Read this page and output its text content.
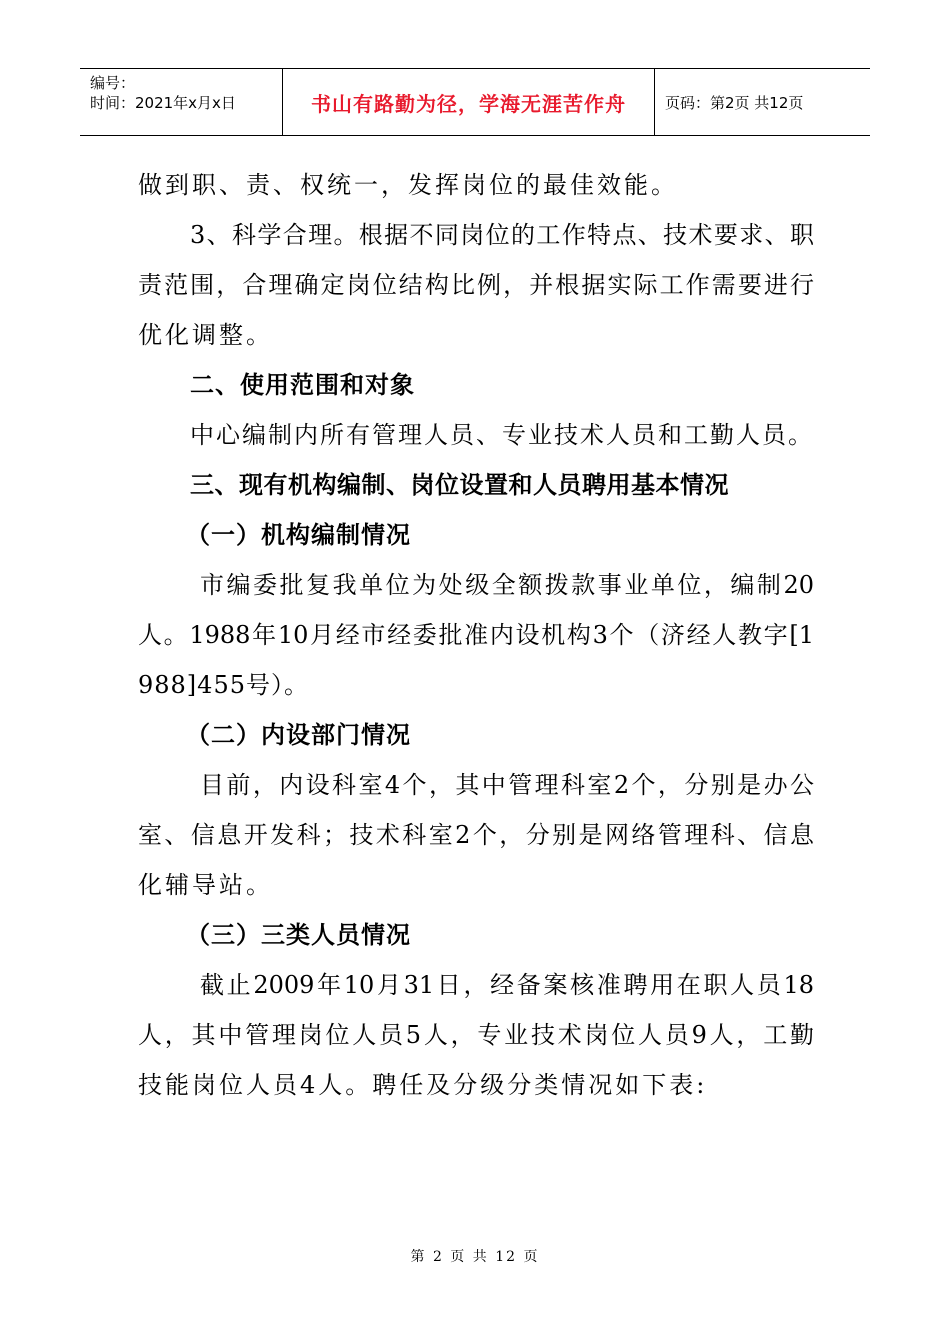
编号：
时间：2021年x月x日	书山有路勤为径，学海无涯苦作舟	页码：第2页 共12页
做到职、责、权统一，发挥岗位的最佳效能。
3、科学合理。根据不同岗位的工作特点、技术要求、职
责范围，合理确定岗位结构比例，并根据实际工作需要进行
优化调整。
二、使用范围和对象
中心编制内所有管理人员、专业技术人员和工勤人员。
三、现有机构编制、岗位设置和人员聘用基本情况
（一）机构编制情况
市编委批复我单位为处级全额拨款事业单位，编制20
人。1988年10月经市经委批准内设机构3个（济经人教字[1
988]455号）。
（二）内设部门情况
目前，内设科室4个，其中管理科室2个，分别是办公
室、信息开发科；技术科室2个，分别是网络管理科、信息
化辅导站。
（三）三类人员情况
截止2009年10月31日，经备案核准聘用在职人员18
人，其中管理岗位人员5人，专业技术岗位人员9人，工勤
技能岗位人员4人。聘任及分级分类情况如下表:
第 2 页 共 12 页
